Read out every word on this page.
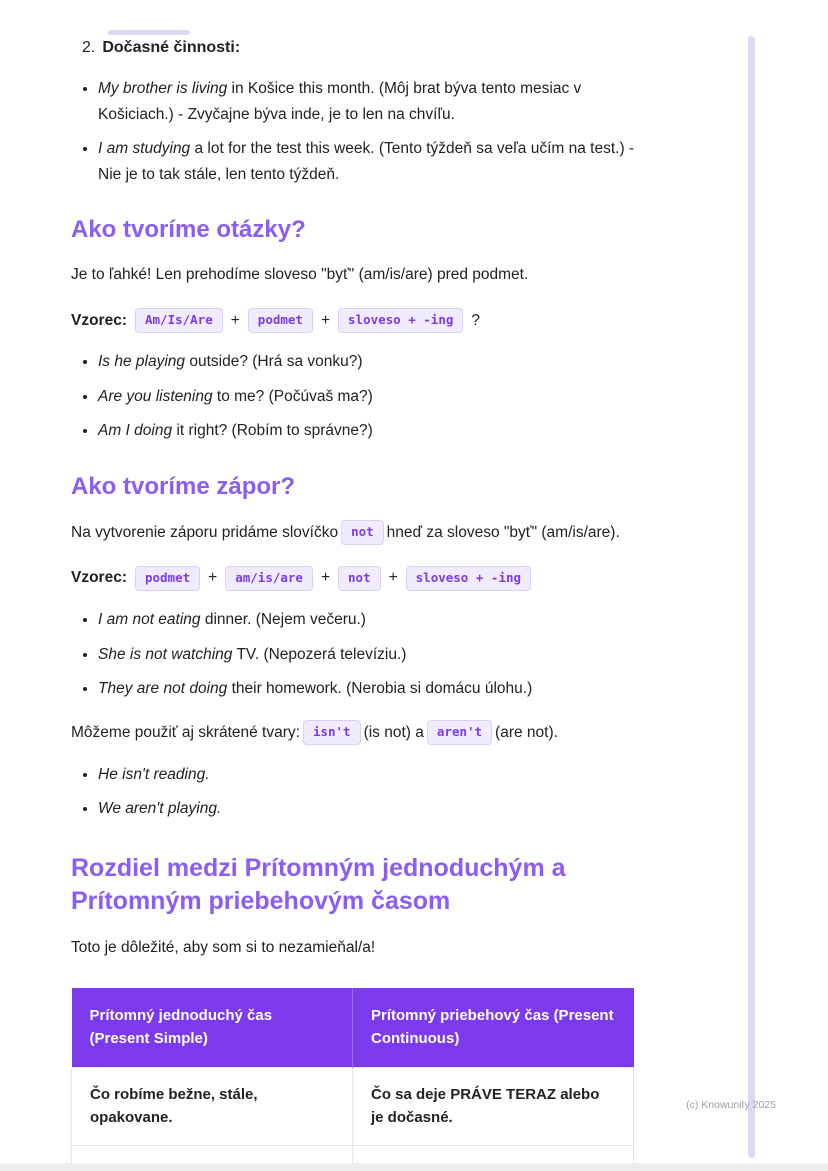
2. Dočasné činnosti:
• My brother is living in Košice this month. (Môj brat býva tento mesiac v Košiciach.) - Zvyčajne býva inde, je to len na chvíľu.
• I am studying a lot for the test this week. (Tento týždeň sa veľa učím na test.) - Nie je to tak stále, len tento týždeň.
Ako tvoríme otázky?

Je to ľahké! Len prehodíme sloveso "byť" (am/is/are) pred podmet.

Vzorec:	Am/Is/Are	+	podmet	+	sloveso + -ing	?

• Is he playing outside? (Hrá sa vonku?)
• Are you listening to me? (Počúvaš ma?)
• Am I doing it right? (Robím to správne?)
Ako tvoríme zápor?

Na vytvorenie záporu pridáme slovíčko not hneď za sloveso "byť" (am/is/are).

Vzorec:	podmet	+	am/is/are	+	not	+	sloveso + -ing

• I am not eating dinner. (Nejem večeru.)
• She is not watching TV. (Nepozerá televíziu.)
• They are not doing their homework. (Nerobia si domácu úlohu.)

Môžeme použiť aj skrátené tvary: isn't (is not) a aren't (are not).

• He isn't reading.
• We aren't playing.
Rozdiel medzi Prítomným jednoduchým a Prítomným priebehovým časom

Toto je dôležité, aby som si to nezamieňal/a!

Prítomný jednoduchý čas (Present Simple)	Prítomný priebehový čas (Present Continuous)
Čo robíme bežne, stále, opakovane.	Čo sa deje PRÁVE TERAZ alebo je dočasné.

(c) Knowunity 2025
